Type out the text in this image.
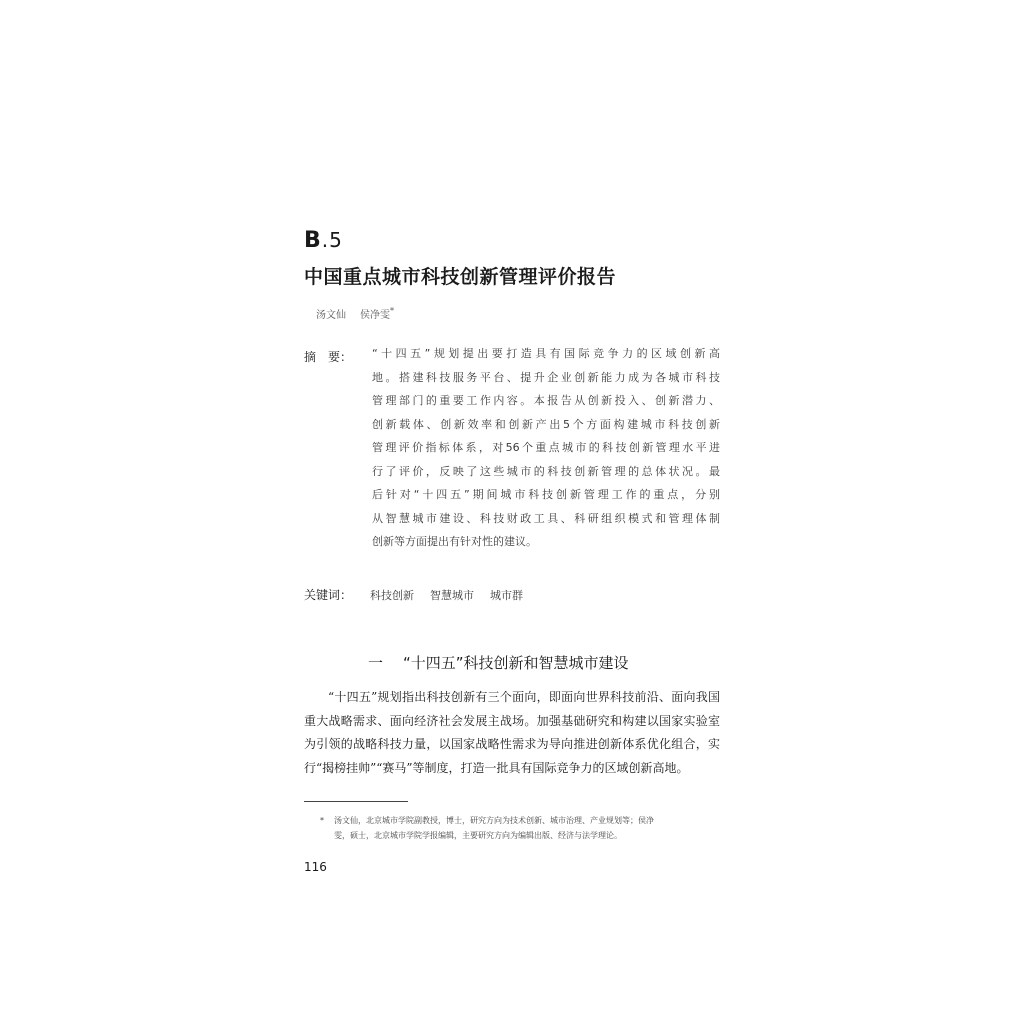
B.5
中国重点城市科技创新管理评价报告
汤文仙 侯净雯*
摘　要： “十四五”规划提出要打造具有国际竞争力的区域创新高
地。搭建科技服务平台、提升企业创新能力成为各城市科技
管理部门的重要工作内容。本报告从创新投入、创新潜力、
创新载体、创新效率和创新产出5个方面构建城市科技创新
管理评价指标体系，对56个重点城市的科技创新管理水平进
行了评价，反映了这些城市的科技创新管理的总体状况。最
后针对“十四五”期间城市科技创新管理工作的重点，分别
从智慧城市建设、科技财政工具、科研组织模式和管理体制
创新等方面提出有针对性的建议。
关键词： 科技创新 智慧城市 城市群
一 “十四五”科技创新和智慧城市建设
“十四五”规划指出科技创新有三个面向，即面向世界科技前沿、面向我国
重大战略需求、面向经济社会发展主战场。加强基础研究和构建以国家实验室
为引领的战略科技力量，以国家战略性需求为导向推进创新体系优化组合，实
行“揭榜挂帅”“赛马”等制度，打造一批具有国际竞争力的区域创新高地。
* 汤文仙，北京城市学院副教授，博士，研究方向为技术创新、城市治理、产业规划等；侯净
雯，硕士，北京城市学院学报编辑，主要研究方向为编辑出版、经济与法学理论。
116
